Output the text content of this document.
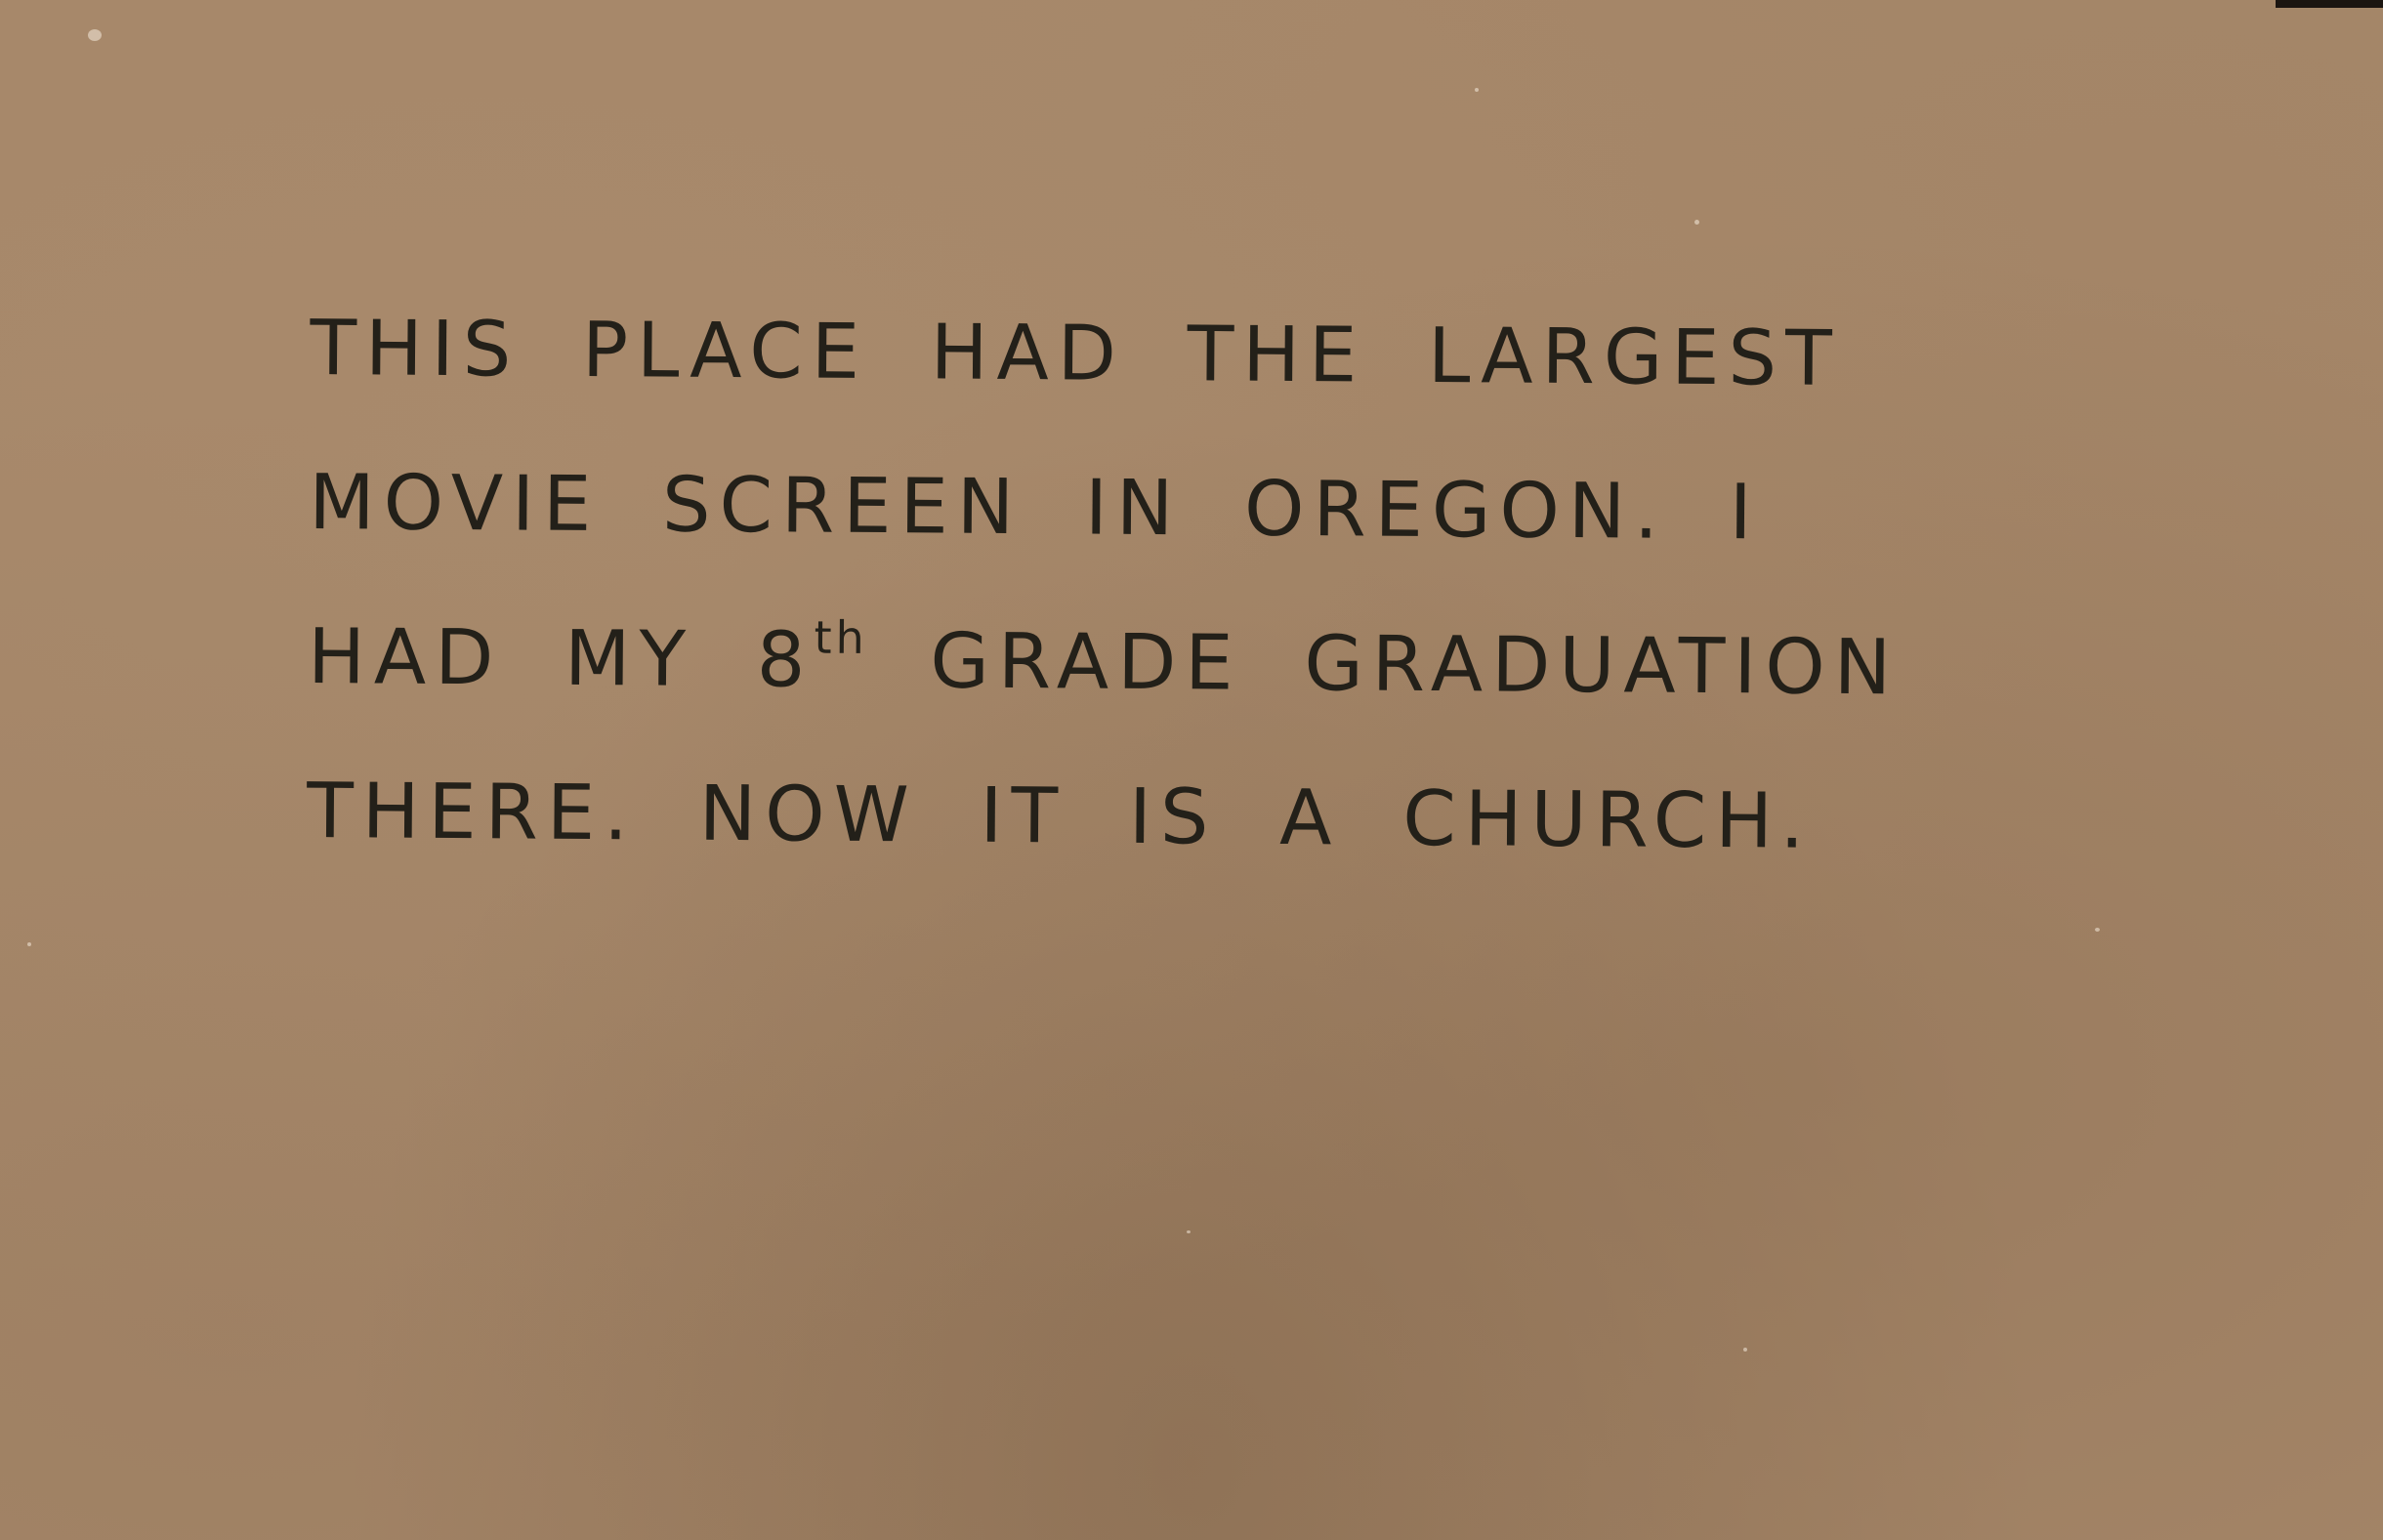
THIS PLACE HAD THE LARGEST
MOVIE SCREEN IN OREGON. I
HAD MY 8th GRADE GRADUATION
THERE. NOW IT IS A CHURCH.
